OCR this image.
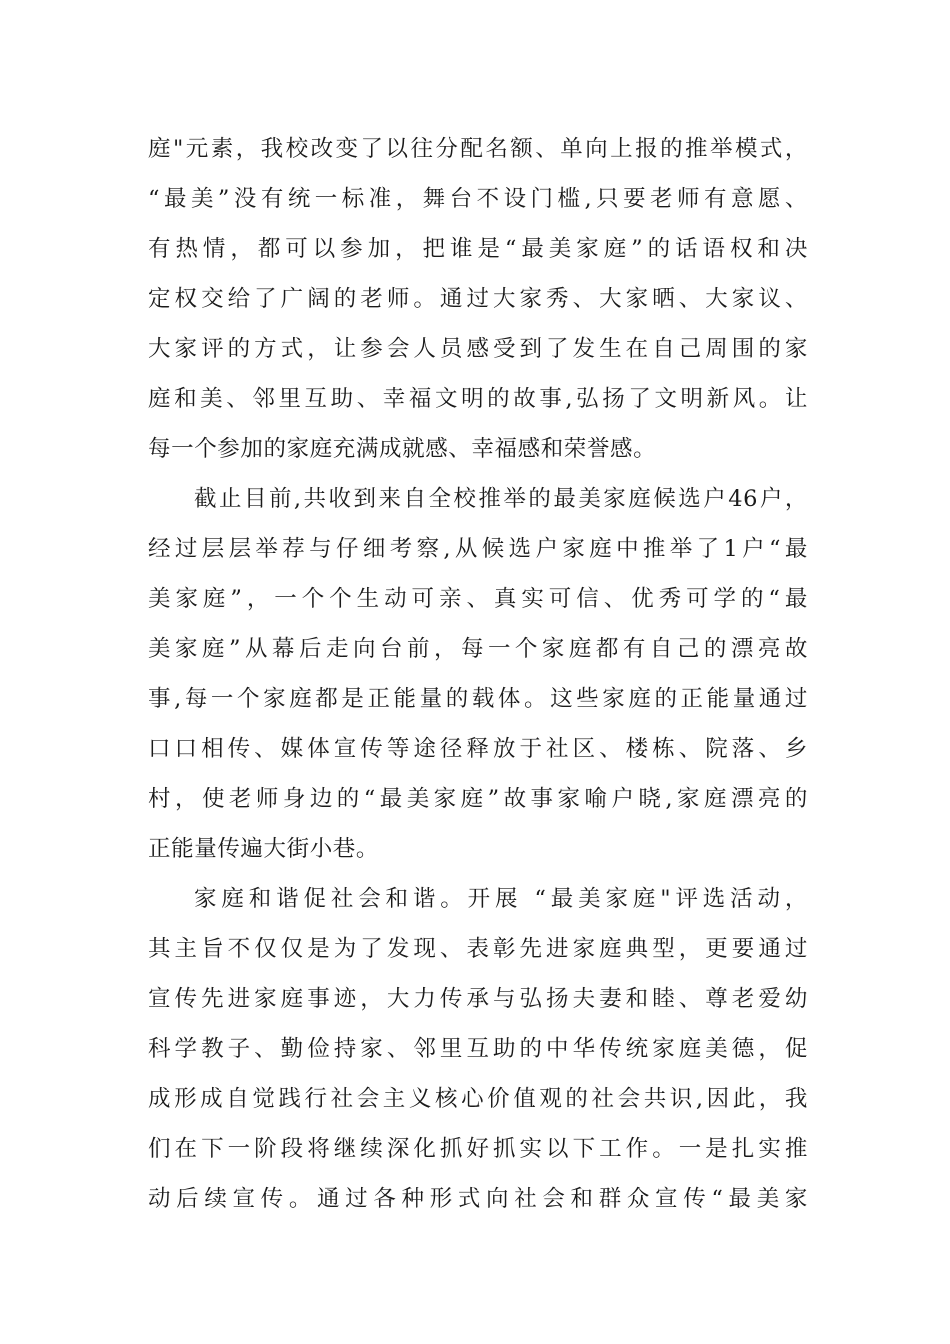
庭"元素，我校改变了以往分配名额、单向上报的推举模式，
“最美”没有统一标准，舞台不设门槛,只要老师有意愿、
有热情，都可以参加，把谁是“最美家庭”的话语权和决
定权交给了广阔的老师。通过大家秀、大家晒、大家议、
大家评的方式，让参会人员感受到了发生在自己周围的家
庭和美、邻里互助、幸福文明的故事,弘扬了文明新风。让
每一个参加的家庭充满成就感、幸福感和荣誉感。
截止目前,共收到来自全校推举的最美家庭候选户46户，
经过层层举荐与仔细考察,从候选户家庭中推举了1户“最
美家庭”，一个个生动可亲、真实可信、优秀可学的“最
美家庭”从幕后走向台前，每一个家庭都有自己的漂亮故
事,每一个家庭都是正能量的载体。这些家庭的正能量通过
口口相传、媒体宣传等途径释放于社区、楼栋、院落、乡
村，使老师身边的“最美家庭”故事家喻户晓,家庭漂亮的
正能量传遍大街小巷。
家庭和谐促社会和谐。开展 “最美家庭"评选活动，
其主旨不仅仅是为了发现、表彰先进家庭典型，更要通过
宣传先进家庭事迹，大力传承与弘扬夫妻和睦、尊老爱幼
科学教子、勤俭持家、邻里互助的中华传统家庭美德，促
成形成自觉践行社会主义核心价值观的社会共识,因此，我
们在下一阶段将继续深化抓好抓实以下工作。一是扎实推
动后续宣传。通过各种形式向社会和群众宣传“最美家
